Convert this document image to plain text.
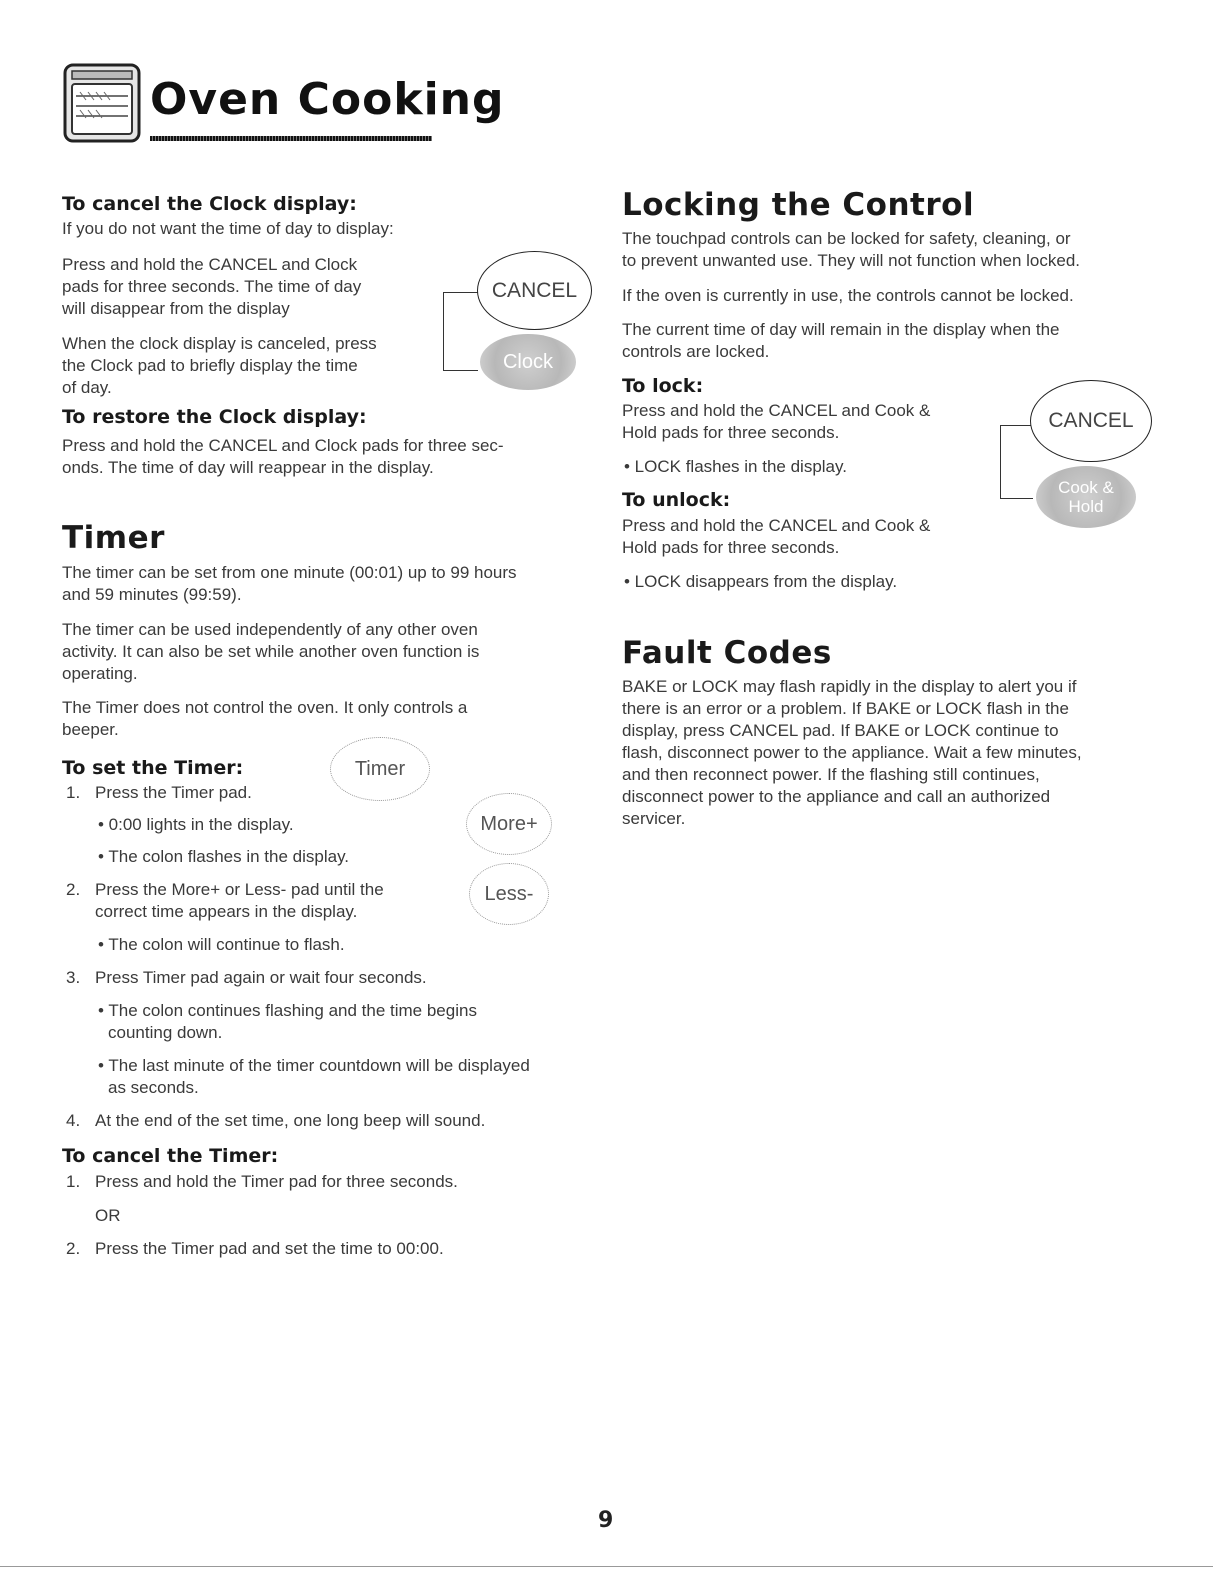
Oven Cooking
To cancel the Clock display:

If you do not want the time of day to display:

Press and hold the CANCEL and Clock

pads for three seconds. The time of day

will disappear from the display

When the clock display is canceled, press

the Clock pad to briefly display the time

of day.

CANCEL
Clock
To restore the Clock display:

Press and hold the CANCEL and Clock pads for three sec-

onds. The time of day will reappear in the display.

Timer

The timer can be set from one minute (00:01) up to 99 hours

and 59 minutes (99:59).

The timer can be used independently of any other oven

activity. It can also be set while another oven function is

operating.

The Timer does not control the oven. It only controls a

beeper.

To set the Timer:
1. Press the Timer pad.
• 0:00 lights in the display.
• The colon flashes in the display.
2. Press the More+ or Less- pad until the
correct time appears in the display.
• The colon will continue to flash.
3. Press Timer pad again or wait four seconds.
• The colon continues flashing and the time begins
counting down.
• The last minute of the timer countdown will be displayed
as seconds.
4. At the end of the set time, one long beep will sound.
Timer
More+
Less-
To cancel the Timer:
1. Press and hold the Timer pad for three seconds.
OR
2. Press the Timer pad and set the time to 00:00.
Locking the Control

The touchpad controls can be locked for safety, cleaning, or

to prevent unwanted use. They will not function when locked.

If the oven is currently in use, the controls cannot be locked.

The current time of day will remain in the display when the

controls are locked.

To lock:

Press and hold the CANCEL and Cook &

Hold pads for three seconds.

• LOCK flashes in the display.

To unlock:

Press and hold the CANCEL and Cook &

Hold pads for three seconds.

• LOCK disappears from the display.

CANCEL
Cook &
Hold
Fault Codes

BAKE or LOCK may flash rapidly in the display to alert you if

there is an error or a problem. If BAKE or LOCK flash in the

display, press CANCEL pad. If BAKE or LOCK continue to

flash, disconnect power to the appliance. Wait a few minutes,

and then reconnect power. If the flashing still continues,

disconnect power to the appliance and call an authorized

servicer.

9
